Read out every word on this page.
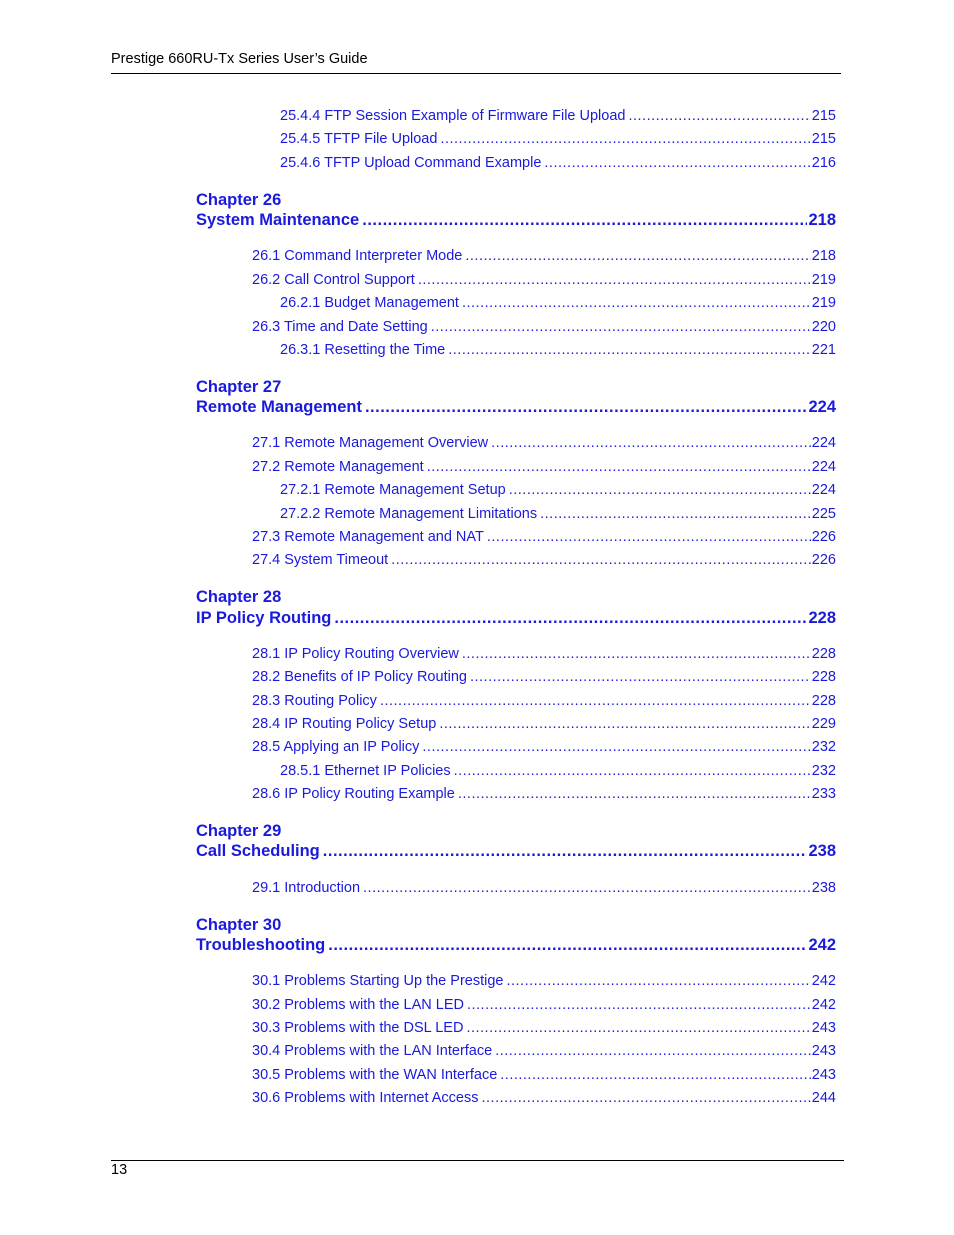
Prestige 660RU-Tx Series User’s Guide
25.4.4 FTP Session Example of Firmware File Upload .....	215
25.4.5 TFTP File Upload .....	215
25.4.6 TFTP Upload Command Example .....	216
Chapter 26
System Maintenance .....	218
26.1 Command Interpreter Mode .....	218
26.2 Call Control Support .....	219
26.2.1 Budget Management .....	219
26.3 Time and Date Setting .....	220
26.3.1 Resetting the Time .....	221
Chapter 27
Remote Management .....	224
27.1 Remote Management Overview .....	224
27.2 Remote Management .....	224
27.2.1 Remote Management Setup .....	224
27.2.2 Remote Management Limitations .....	225
27.3 Remote Management and NAT .....	226
27.4 System Timeout .....	226
Chapter 28
IP Policy Routing .....	228
28.1 IP Policy Routing Overview .....	228
28.2 Benefits of IP Policy Routing .....	228
28.3 Routing Policy .....	228
28.4 IP Routing Policy Setup .....	229
28.5 Applying an IP Policy .....	232
28.5.1 Ethernet IP Policies .....	232
28.6 IP Policy Routing Example .....	233
Chapter 29
Call Scheduling .....	238
29.1 Introduction .....	238
Chapter 30
Troubleshooting .....	242
30.1 Problems Starting Up the Prestige .....	242
30.2 Problems with the LAN LED .....	242
30.3 Problems with the DSL LED .....	243
30.4 Problems with the LAN Interface .....	243
30.5 Problems with the WAN Interface .....	243
30.6 Problems with Internet Access .....	244
13
